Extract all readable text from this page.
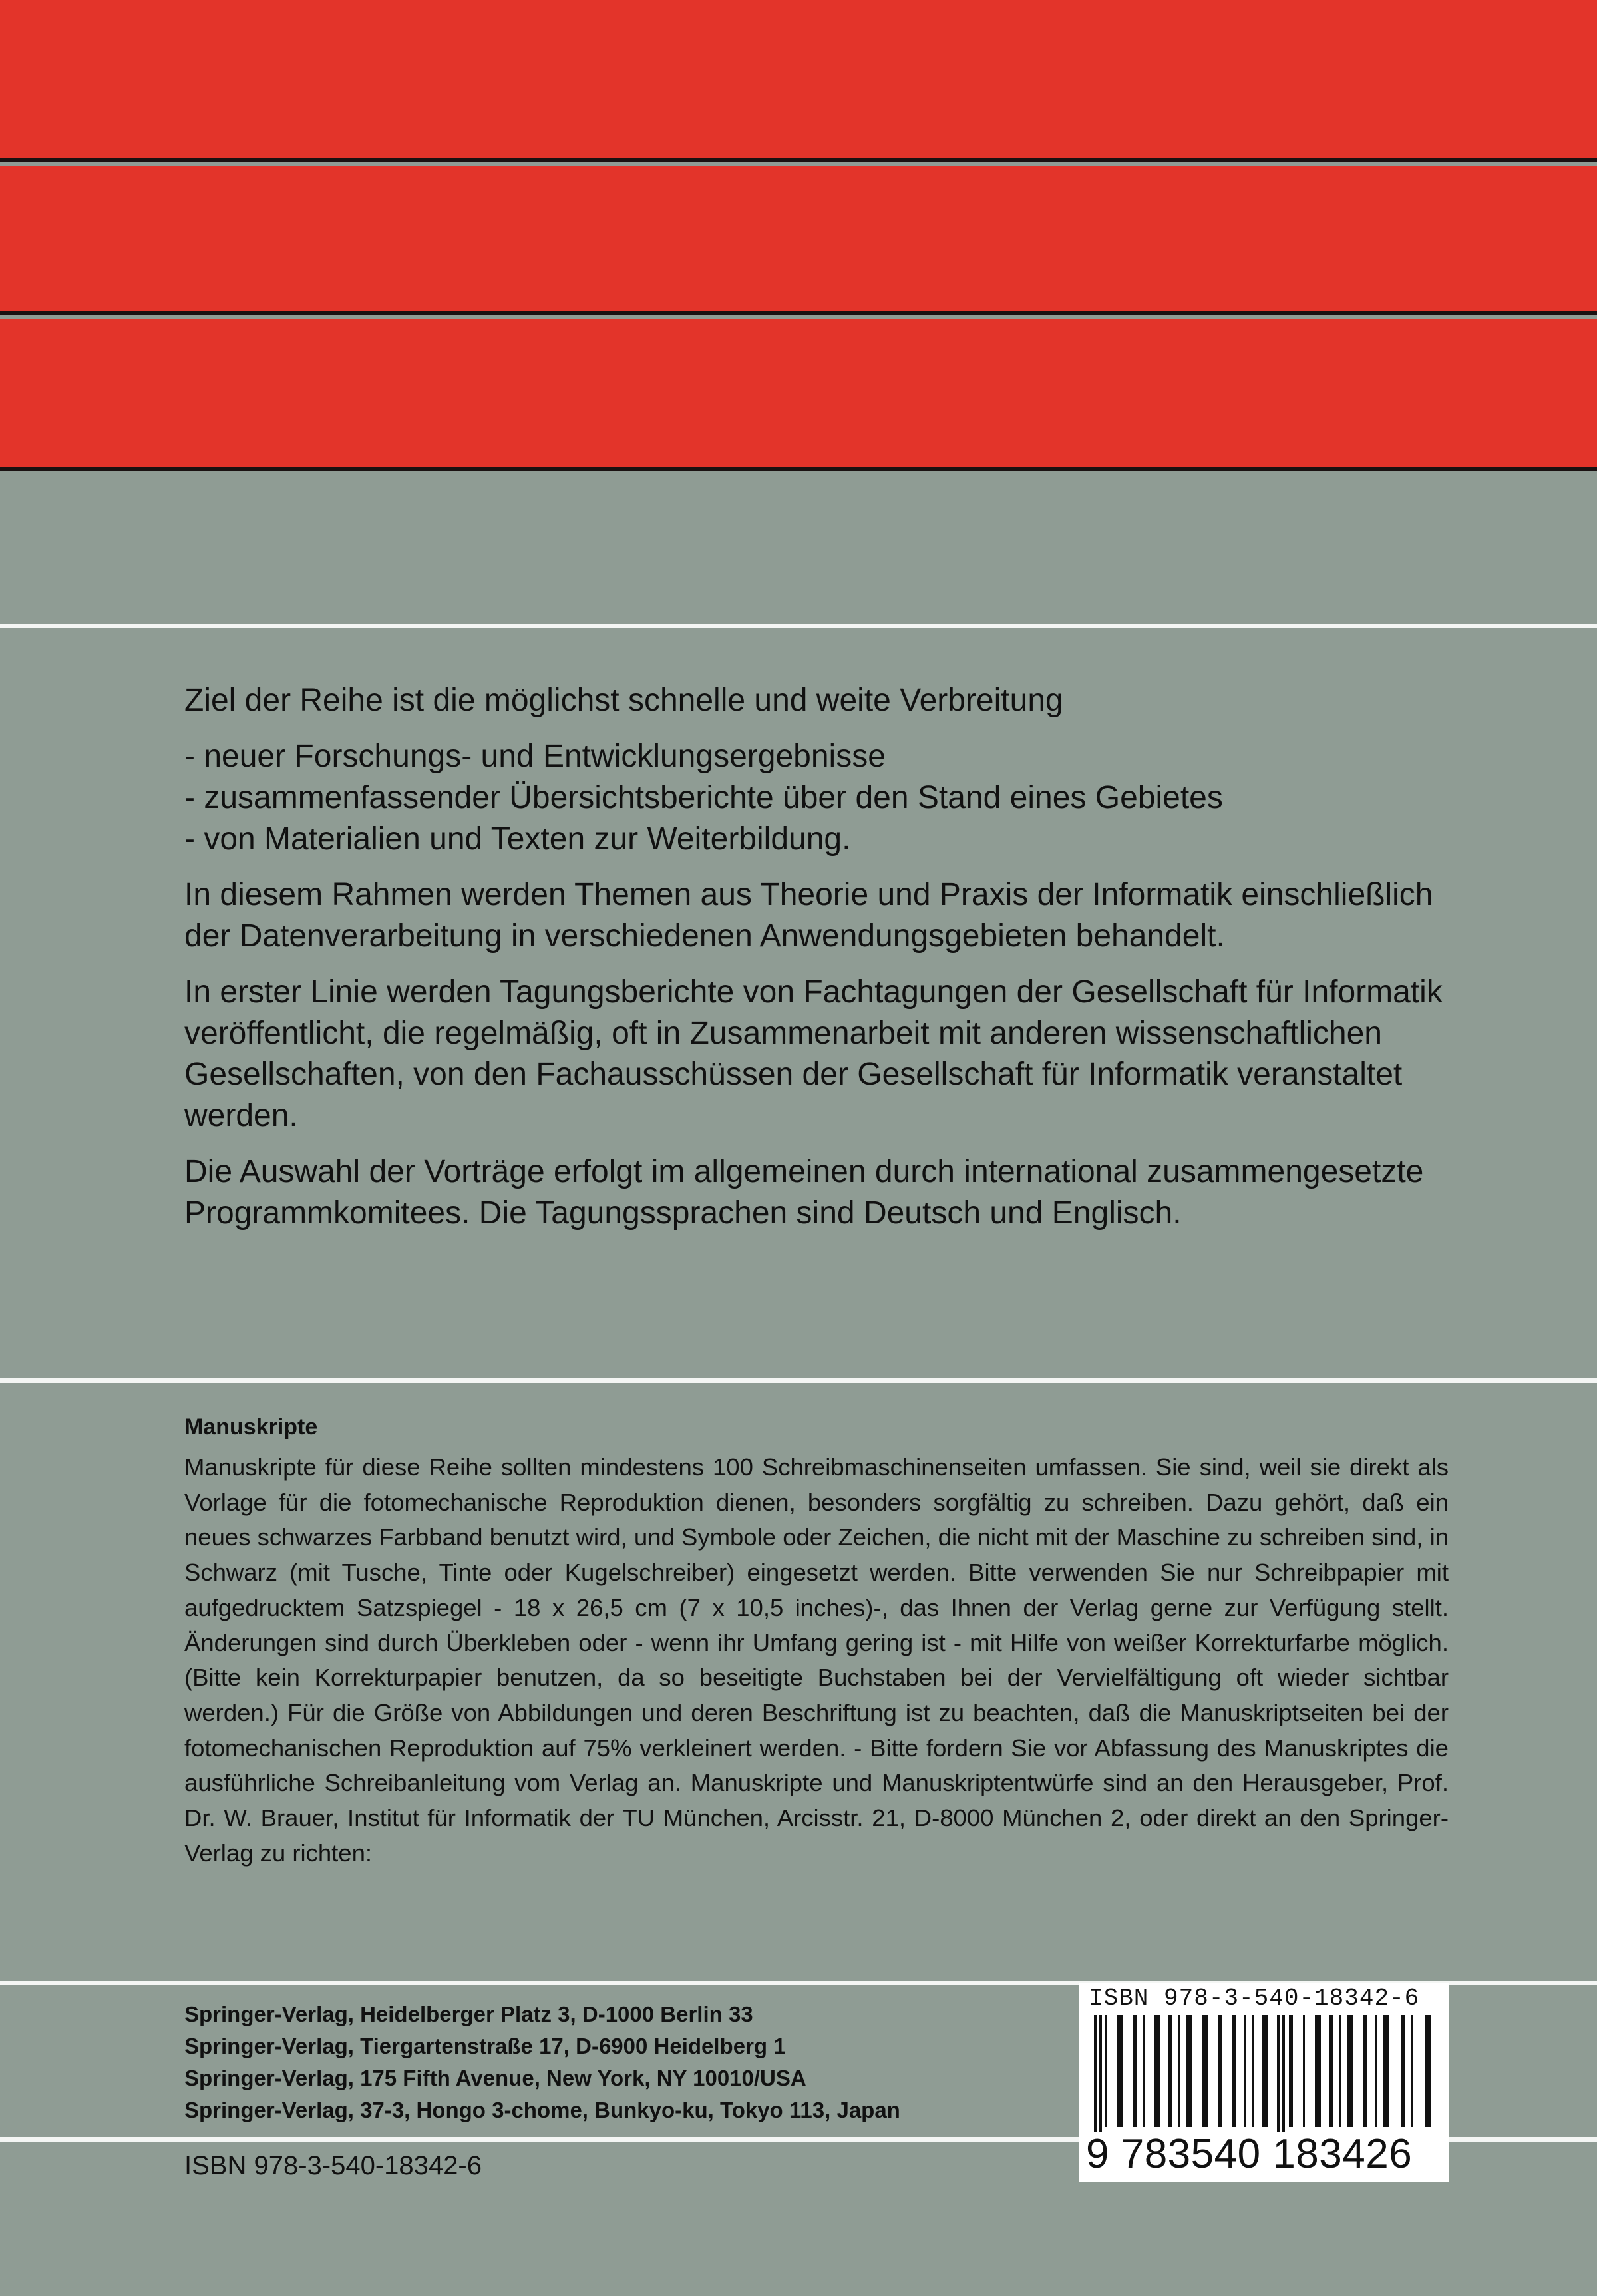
Ziel der Reihe ist die möglichst schnelle und weite Verbreitung

- neuer Forschungs- und Entwicklungsergebnisse
- zusammenfassender Übersichtsberichte über den Stand eines Gebietes
- von Materialien und Texten zur Weiterbildung.

In diesem Rahmen werden Themen aus Theorie und Praxis der Informatik einschließlich der Datenverarbeitung in verschiedenen Anwendungsgebieten behandelt.

In erster Linie werden Tagungsberichte von Fachtagungen der Gesellschaft für Informatik veröffentlicht, die regelmäßig, oft in Zusammenarbeit mit anderen wissenschaftlichen Gesellschaften, von den Fachausschüssen der Gesellschaft für Informatik veranstaltet werden.

Die Auswahl der Vorträge erfolgt im allgemeinen durch international zusammengesetzte Programmkomitees. Die Tagungssprachen sind Deutsch und Englisch.

Manuskripte

Manuskripte für diese Reihe sollten mindestens 100 Schreibmaschinenseiten umfassen. Sie sind, weil sie direkt als Vorlage für die fotomechanische Reproduktion dienen, besonders sorgfältig zu schreiben. Dazu gehört, daß ein neues schwarzes Farbband benutzt wird, und Symbole oder Zeichen, die nicht mit der Maschine zu schreiben sind, in Schwarz (mit Tusche, Tinte oder Kugelschreiber) eingesetzt werden. Bitte verwenden Sie nur Schreibpapier mit aufgedrucktem Satzspiegel - 18 x 26,5 cm (7 x 10,5 inches)-, das Ihnen der Verlag gerne zur Verfügung stellt. Änderungen sind durch Überkleben oder - wenn ihr Umfang gering ist - mit Hilfe von weißer Korrekturfarbe möglich. (Bitte kein Korrekturpapier benutzen, da so beseitigte Buchstaben bei der Vervielfältigung oft wieder sichtbar werden.) Für die Größe von Abbildungen und deren Beschriftung ist zu beachten, daß die Manuskriptseiten bei der fotomechanischen Reproduktion auf 75% verkleinert werden. - Bitte fordern Sie vor Abfassung des Manuskriptes die ausführliche Schreibanleitung vom Verlag an. Manuskripte und Manuskriptentwürfe sind an den Herausgeber, Prof. Dr. W. Brauer, Institut für Informatik der TU München, Arcisstr. 21, D-8000 München 2, oder direkt an den Springer-Verlag zu richten:

Springer-Verlag, Heidelberger Platz 3, D-1000 Berlin 33
Springer-Verlag, Tiergartenstraße 17, D-6900 Heidelberg 1
Springer-Verlag, 175 Fifth Avenue, New York, NY 10010/USA
Springer-Verlag, 37-3, Hongo 3-chome, Bunkyo-ku, Tokyo 113, Japan
ISBN 978-3-540-18342-6
ISBN 978-3-540-18342-6
9 783540 183426
